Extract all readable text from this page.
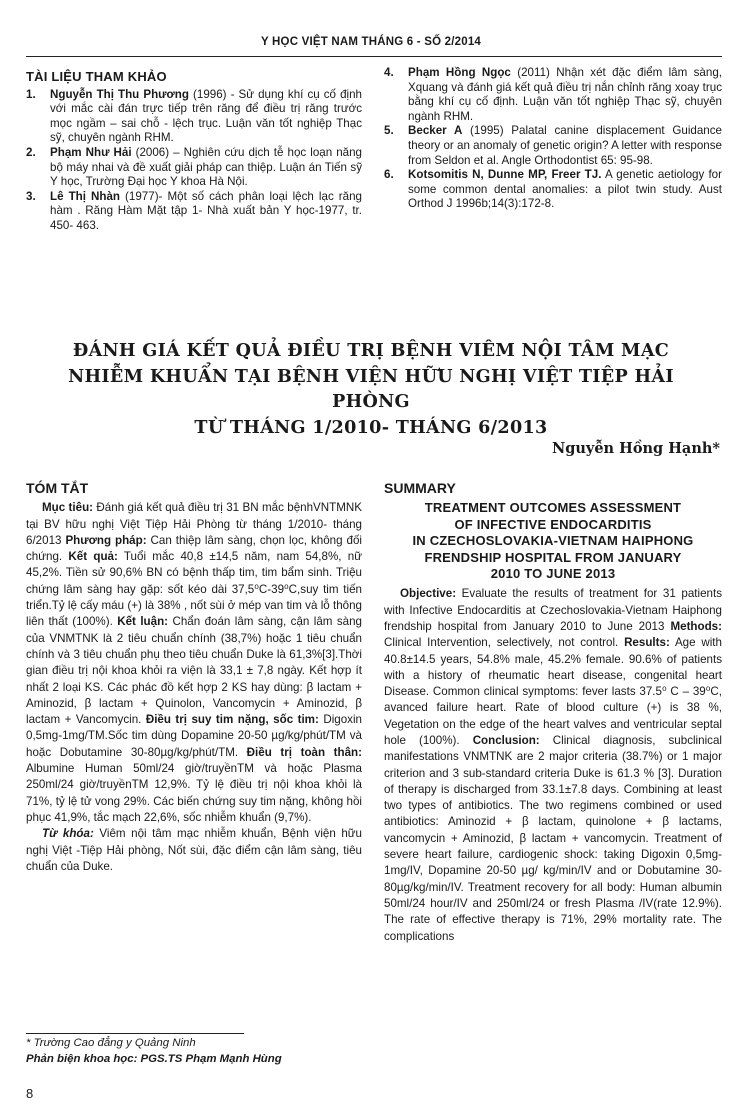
Y HỌC VIỆT NAM THÁNG 6 - SỐ 2/2014
TÀI LIỆU THAM KHẢO
1.	Nguyễn Thị Thu Phương (1996) - Sử dụng khí cụ cố định với mắc cài đán trực tiếp trên răng để điều trị răng trước mọc ngầm – sai chỗ - lệch trục. Luận văn tốt nghiệp Thạc sỹ, chuyên ngành RHM.
2.	Phạm Như Hải (2006) – Nghiên cứu dịch tễ học loạn năng bộ máy nhai và đề xuất giải pháp can thiệp. Luận án Tiến sỹ Y học, Trường Đại học Y khoa Hà Nội.
3.	Lê Thị Nhàn (1977)- Một số cách phân loại lệch lạc răng hàm . Răng Hàm Mặt tập 1- Nhà xuất bản Y học-1977, tr. 450- 463.
4.	Phạm Hồng Ngọc (2011) Nhận xét đặc điểm lâm sàng, Xquang và đánh giá kết quả điều trị nắn chỉnh răng xoay trục bằng khí cụ cố định. Luận văn tốt nghiệp Thạc sỹ, chuyên ngành RHM.
5.	Becker A (1995) Palatal canine displacement Guidance theory or an anomaly of genetic origin? A letter with response from Seldon et al. Angle Orthodontist 65: 95-98.
6.	Kotsomitis N, Dunne MP, Freer TJ. A genetic aetiology for some common dental anomalies: a pilot twin study. Aust Orthod J 1996b;14(3):172-8.
ĐÁNH GIÁ KẾT QUẢ ĐIỀU TRỊ BỆNH VIÊM NỘI TÂM MẠC
NHIỄM KHUẨN TẠI BỆNH VIỆN HỮU NGHỊ VIỆT TIỆP HẢI PHÒNG
TỪ THÁNG 1/2010- THÁNG 6/2013
Nguyễn Hồng Hạnh*
TÓM TẮT

Mục tiêu: Đánh giá kết quả điều trị 31 BN mắc bệnhVNTMNK tại BV hữu nghị Việt Tiệp Hải Phòng từ tháng 1/2010- tháng 6/2013 Phương pháp: Can thiệp lâm sàng, chọn lọc, không đối chứng. Kết quả: Tuổi mắc 40,8 ±14,5 năm, nam 54,8%, nữ 45,2%. Tiền sử 90,6% BN có bệnh thấp tim, tim bẩm sinh. Triệu chứng lâm sàng hay gặp: sốt kéo dài 37,5⁰C-39⁰C,suy tim tiến triển.Tỷ lệ cấy máu (+) là 38% , nốt sùi ở mép van tim và lỗ thông liên thất (100%). Kết luận: Chẩn đoán lâm sàng, cận lâm sàng của VNMTNK là 2 tiêu chuẩn chính (38,7%) hoặc 1 tiêu chuẩn chính và 3 tiêu chuẩn phụ theo tiêu chuẩn Duke là 61,3%[3].Thời gian điều trị nội khoa khỏi ra viện là 33,1 ± 7,8 ngày. Kết hợp ít nhất 2 loại KS. Các phác đồ kết hợp 2 KS hay dùng: β lactam + Aminozid, β lactam + Quinolon, Vancomycin + Aminozid, β lactam + Vancomycin. Điều trị suy tim nặng, sốc tim: Digoxin 0,5mg-1mg/TM.Sốc tim dùng Dopamine 20-50 µg/kg/phút/TM và hoặc Dobutamine 30-80µg/kg/phút/TM. Điều trị toàn thân: Albumine Human 50ml/24 giờ/truyềnTM và hoặc Plasma 250ml/24 giờ/truyềnTM 12,9%. Tỷ lệ điều trị nội khoa khỏi là 71%, tỷ lệ tử vong 29%. Các biến chứng suy tim nặng, không hồi phục 41,9%, tắc mạch 22,6%, sốc nhiễm khuẩn (9,7%).

Từ khóa: Viêm nội tâm mạc nhiễm khuẩn, Bệnh viện hữu nghị Việt -Tiệp Hải phòng, Nốt sùi, đặc điểm cận lâm sàng, tiêu chuẩn của Duke.

SUMMARY
TREATMENT OUTCOMES ASSESSMENT
OF INFECTIVE ENDOCARDITIS
IN CZECHOSLOVAKIA-VIETNAM HAIPHONG
FRENDSHIP HOSPITAL FROM JANUARY
2010 TO JUNE 2013

Objective: Evaluate the results of treatment for 31 patients with Infective Endocarditis at Czechoslovakia-Vietnam Haiphong frendship hospital from January 2010 to June 2013 Methods: Clinical Intervention, selectively, not control. Results: Age with 40.8±14.5 years, 54.8% male, 45.2% female. 90.6% of patients with a history of rheumatic heart disease, congenital heart Disease. Common clinical symptoms: fever lasts 37.5⁰ C – 39⁰C, avanced failure heart. Rate of blood culture (+) is 38 %, Vegetation on the edge of the heart valves and ventricular septal hole (100%). Conclusion: Clinical diagnosis, subclinical manifestations VNMTNK are 2 major criteria (38.7%) or 1 major criterion and 3 sub-standard criteria Duke is 61.3 % [3]. Duration of therapy is discharged from 33.1±7.8 days. Combining at least two types of antibiotics. The two regimens combined or used antibiotics: Aminozid + β lactam, quinolone + β lactams, vancomycin + Aminozid, β lactam + vancomycin. Treatment of severe heart failure, cardiogenic shock: taking Digoxin 0,5mg-1mg/IV, Dopamine 20-50 µg/ kg/min/IV and or Dobutamine 30-80µg/kg/min/IV. Treatment recovery for all body: Human albumin 50ml/24 hour/IV and 250ml/24 or fresh Plasma /IV(rate 12.9%). The rate of effective therapy is 71%, 29% mortality rate. The complications

* Trường Cao đẳng y Quảng Ninh
Phản biện khoa học: PGS.TS Phạm Mạnh Hùng
8
